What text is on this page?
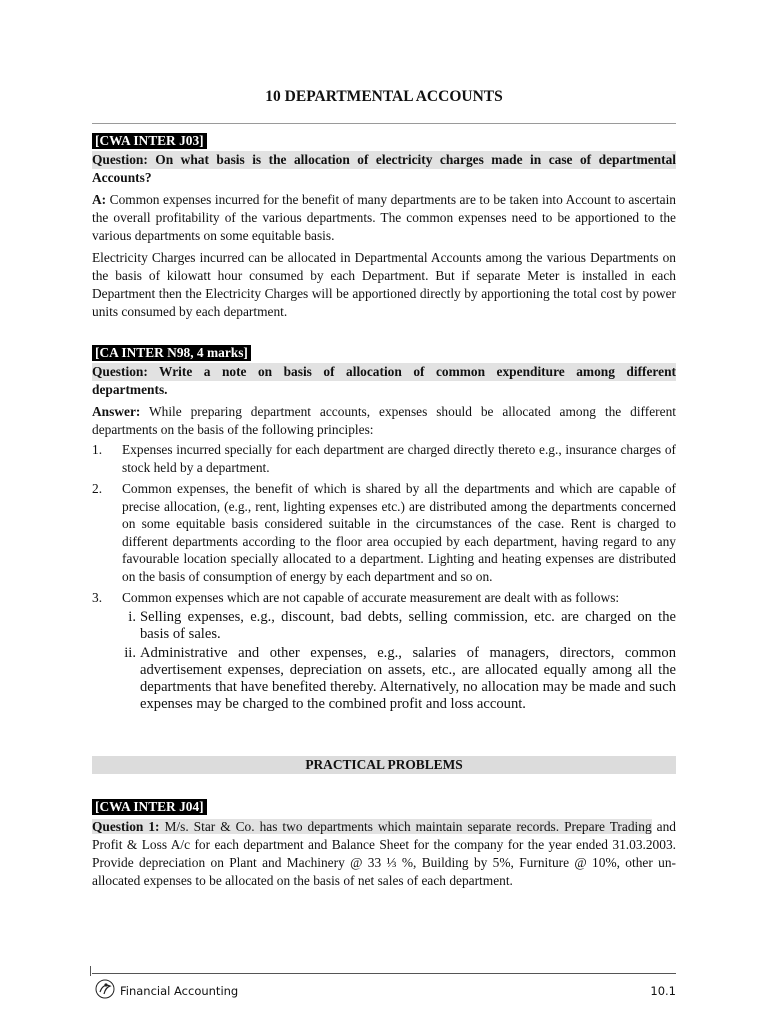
10 DEPARTMENTAL ACCOUNTS
[CWA INTER J03]
Question: On what basis is the allocation of electricity charges made in case of departmental
Accounts?

A: Common expenses incurred for the benefit of many departments are to be taken into Account to ascertain the overall profitability of the various departments. The common expenses need to be apportioned to the various departments on some equitable basis.

Electricity Charges incurred can be allocated in Departmental Accounts among the various Departments on the basis of kilowatt hour consumed by each Department. But if separate Meter is installed in each Department then the Electricity Charges will be apportioned directly by apportioning the total cost by power units consumed by each department.

[CA INTER N98, 4 marks]
Question: Write a note on basis of allocation of common expenditure among different
departments.

Answer: While preparing department accounts, expenses should be allocated among the different departments on the basis of the following principles:

1. Expenses incurred specially for each department are charged directly thereto e.g., insurance charges of stock held by a department.
2. Common expenses, the benefit of which is shared by all the departments and which are capable of precise allocation, (e.g., rent, lighting expenses etc.) are distributed among the departments concerned on some equitable basis considered suitable in the circumstances of the case. Rent is charged to different departments according to the floor area occupied by each department, having regard to any favourable location specially allocated to a department. Lighting and heating expenses are distributed on the basis of consumption of energy by each department and so on.
3. Common expenses which are not capable of accurate measurement are dealt with as follows:
i. Selling expenses, e.g., discount, bad debts, selling commission, etc. are charged on the basis of sales.
ii. Administrative and other expenses, e.g., salaries of managers, directors, common advertisement expenses, depreciation on assets, etc., are allocated equally among all the departments that have benefited thereby. Alternatively, no allocation may be made and such expenses may be charged to the combined profit and loss account.
PRACTICAL PROBLEMS
[CWA INTER J04]

Question 1: M/s. Star & Co. has two departments which maintain separate records. Prepare Trading and Profit & Loss A/c for each department and Balance Sheet for the company for the year ended 31.03.2003. Provide depreciation on Plant and Machinery @ 33 ⅓ %, Building by 5%, Furniture @ 10%, other un-allocated expenses to be allocated on the basis of net sales of each department.

Financial Accounting	10.1
